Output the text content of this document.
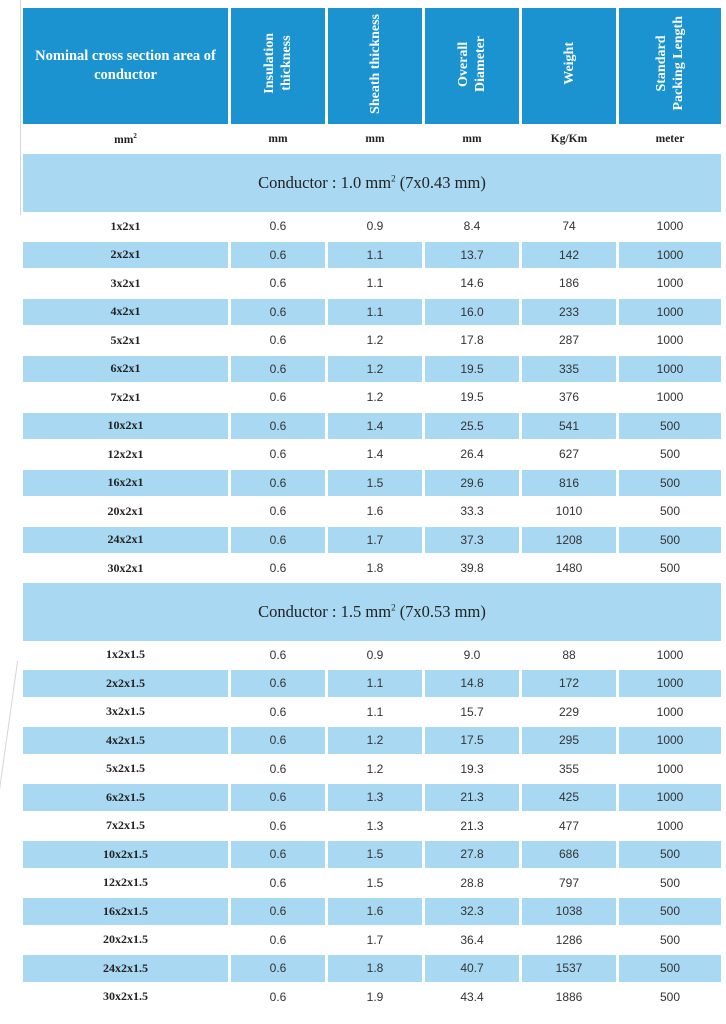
Nominal cross section area of conductor	Insulation thickness	Sheath thickness	Overall Diameter	Weight	Standard Packing Length
$mm^2$	mm	mm	mm	Kg/Km	meter
Conductor : 1.0 $mm^2$ (7x0.43 mm)					
1x2x1	0.6	0.9	8.4	74	1000
2x2x1	0.6	1.1	13.7	142	1000
3x2x1	0.6	1.1	14.6	186	1000
4x2x1	0.6	1.1	16.0	233	1000
5x2x1	0.6	1.2	17.8	287	1000
6x2x1	0.6	1.2	19.5	335	1000
7x2x1	0.6	1.2	19.5	376	1000
10x2x1	0.6	1.4	25.5	541	500
12x2x1	0.6	1.4	26.4	627	500
16x2x1	0.6	1.5	29.6	816	500
20x2x1	0.6	1.6	33.3	1010	500
24x2x1	0.6	1.7	37.3	1208	500
30x2x1	0.6	1.8	39.8	1480	500
Conductor : 1.5 $mm^2$ (7x0.53 mm)					
1x2x1.5	0.6	0.9	9.0	88	1000
2x2x1.5	0.6	1.1	14.8	172	1000
3x2x1.5	0.6	1.1	15.7	229	1000
4x2x1.5	0.6	1.2	17.5	295	1000
5x2x1.5	0.6	1.2	19.3	355	1000
6x2x1.5	0.6	1.3	21.3	425	1000
7x2x1.5	0.6	1.3	21.3	477	1000
10x2x1.5	0.6	1.5	27.8	686	500
12x2x1.5	0.6	1.5	28.8	797	500
16x2x1.5	0.6	1.6	32.3	1038	500
20x2x1.5	0.6	1.7	36.4	1286	500
24x2x1.5	0.6	1.8	40.7	1537	500
30x2x1.5	0.6	1.9	43.4	1886	500
